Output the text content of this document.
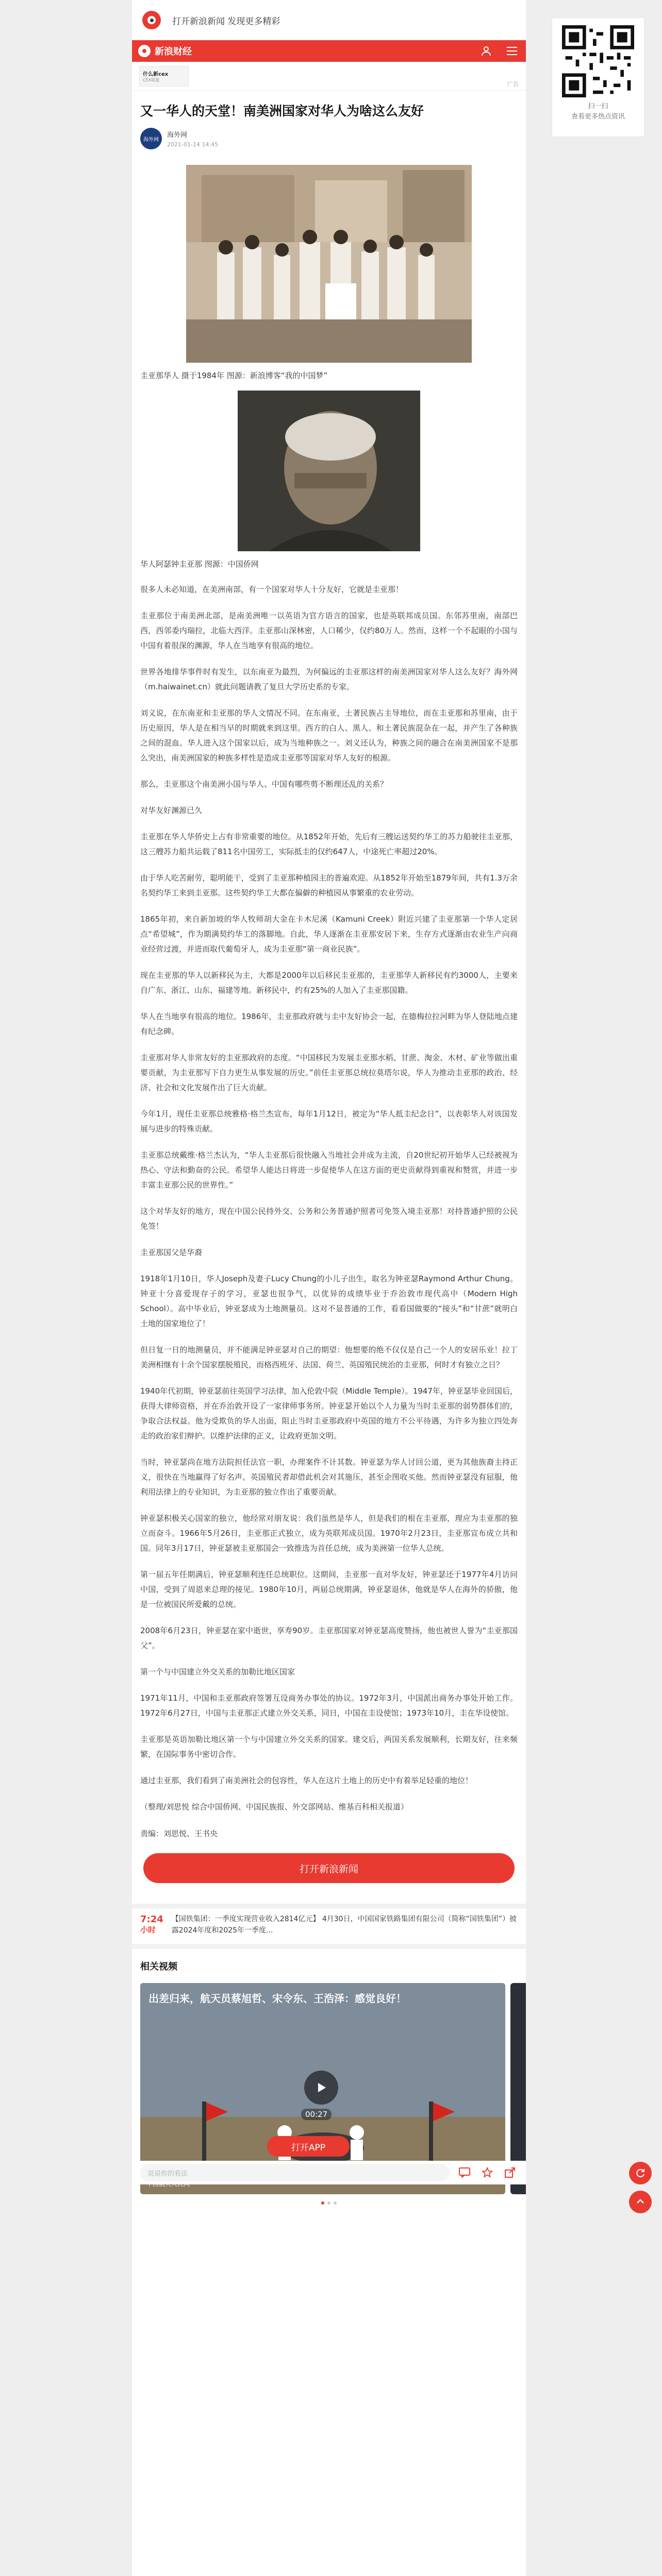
打开新浪新闻 发现更多精彩
扫一扫
查看更多热点资讯
新浪财经
什么新cex
CEX联盟
广告
又一华人的天堂！南美洲国家对华人为啥这么友好
海外网
海外网
2021-01-14 14:45

圭亚那华人 摄于1984年 图源：新浪博客“我的中国梦”

华人阿瑟钟圭亚那 图源：中国侨网

很多人未必知道，在美洲南部，有一个国家对华人十分友好，它就是圭亚那！

圭亚那位于南美洲北部，是南美洲唯一以英语为官方语言的国家，也是英联邦成员国。东邻苏里南，南部巴西，西邻委内瑞拉，北临大西洋。圭亚那山深林密，人口稀少，仅约80万人。然而，这样一个不起眼的小国与中国有着很深的渊源，华人在当地享有很高的地位。

世界各地排华事件时有发生，以东南亚为最烈，为何偏远的圭亚那这样的南美洲国家对华人这么友好？海外网（m.haiwainet.cn）就此问题请教了复旦大学历史系的专家。

刘义说，在东南亚和圭亚那的华人文情况不同。在东南亚，土著民族占主导地位，而在圭亚那和苏里南，由于历史原因，华人是在相当早的时期就来到这里。西方的白人、黑人、和土著民族混杂在一起，并产生了各种族之间的混血。华人进入这个国家以后，成为当地种族之一。刘义还认为，种族之间的融合在南美洲国家不是那么突出，南美洲国家的种族多样性是造成圭亚那等国家对华人友好的根源。

那么，圭亚那这个南美洲小国与华人、中国有哪些剪不断理还乱的关系？

对华友好渊源已久

圭亚那在华人华侨史上占有非常重要的地位。从1852年开始，先后有三艘运送契约华工的苏力船驶往圭亚那，这三艘苏力船共运载了811名中国劳工，实际抵圭的仅约647人，中途死亡率超过20%。

由于华人吃苦耐劳，聪明能干，受到了圭亚那种植园主的普遍欢迎。从1852年开始至1879年间，共有1.3万余名契约华工来到圭亚那。这些契约华工大都在偏僻的种植园从事繁重的农业劳动。

1865年初，来自新加坡的华人牧师胡大金在卡木尼溪（Kamuni Creek）附近兴建了圭亚那第一个华人定居点“希望城”，作为期满契约华工的落脚地。自此，华人逐渐在圭亚那安居下来，生存方式逐渐由农业生产向商业经营过渡，并进而取代葡萄牙人，成为圭亚那“第一商业民族”。

现在圭亚那的华人以新移民为主，大都是2000年以后移民圭亚那的，圭亚那华人新移民有约3000人，主要来自广东、浙江、山东、福建等地。新移民中，约有25%的人加入了圭亚那国籍。

华人在当地享有很高的地位。1986年，圭亚那政府就与圭中友好协会一起，在德梅拉拉河畔为华人登陆地点建有纪念碑。

圭亚那对华人非常友好的圭亚那政府的态度。“中国移民为发展圭亚那水稻、甘蔗、淘金、木材、矿业等做出重要贡献，为圭亚那写下自力更生从事发展的历史。”前任圭亚那总统拉莫塔尔说，华人为推动圭亚那的政治、经济、社会和文化发展作出了巨大贡献。

今年1月，现任圭亚那总统雅格·格兰杰宣布，每年1月12日，被定为“华人抵圭纪念日”，以表彰华人对该国发展与进步的特殊贡献。

圭亚那总统戴维·格兰杰认为，“华人圭亚那后很快融入当地社会并成为主流，自20世纪初开始华人已经被视为热心、守法和勤奋的公民。希望华人能达日将进一步促使华人在这方面的更史贡献得到重视和赞赏，并进一步丰富圭亚那公民的世界性。”

这个对华友好的地方，现在中国公民持外交、公务和公务普通护照者可免签入境圭亚那！对持普通护照的公民免签！

圭亚那国父是华裔

1918年1月10日，华人Joseph及妻子Lucy Chung的小儿子出生，取名为钟亚瑟Raymond Arthur Chung。钟亚十分喜爱现存子的学习，亚瑟也很争气，以优异的成绩毕业于乔治敦市现代高中（Modern High School）。高中毕业后，钟亚瑟成为土地测量员。这对不显普通的工作，看看国做要的“接头”和“甘蔗”就明白土地的国家地位了！

但日复一日的地测量员，并不能满足钟亚瑟对自己的期望：他想要的绝不仅仅是自己一个人的安居乐业！拉丁美洲相继有十余个国家摆脱殖民，而格西班牙、法国、荷兰、英国殖民统治的圭亚那，何时才有独立之日？

1940年代初期，钟亚瑟前往英国学习法律，加入伦敦中院（Middle Temple）。1947年，钟亚瑟毕业回国后，获得大律师资格，并在乔治敦开设了一家律师事务所。钟亚瑟开始以个人力量为当时圭亚那的弱势群体们的，争取合法权益。他为受欺负的华人出面，阻止当时圭亚那政府中英国的地方不公平待遇，为许多为独立四处奔走的政治家们辩护。以维护法律的正义，让政府更加文明。

当时，钟亚瑟尚在地方法院担任法官一职，办理案件不计其数。钟亚瑟为华人讨回公道，更为其他族裔主持正义，很快在当地赢得了好名声。英国殖民者却借此机会对其施压，甚至企图收买他。然而钟亚瑟没有屈服，他利用法律上的专业知识，为圭亚那的独立作出了重要贡献。

钟亚瑟积极关心国家的独立，他经常对朋友说：我们虽然是华人，但是我们的根在圭亚那，理应为圭亚那的独立而奋斗。1966年5月26日，圭亚那正式独立，成为英联邦成员国。1970年2月23日，圭亚那宣布成立共和国。同年3月17日，钟亚瑟被圭亚那国会一致推选为首任总统，成为美洲第一位华人总统。

第一届五年任期满后，钟亚瑟顺利连任总统职位。这期间，圭亚那一直对华友好，钟亚瑟还于1977年4月访问中国，受到了周恩来总理的接见。1980年10月，两届总统期满，钟亚瑟退休，他就是华人在海外的骄傲，他是一位被国民所爱戴的总统。

2008年6月23日，钟亚瑟在家中逝世，享寿90岁。圭亚那国家对钟亚瑟高度赞扬，他也被世人誉为“圭亚那国父”。

第一个与中国建立外交关系的加勒比地区国家

1971年11月，中国和圭亚那政府签署互设商务办事处的协议。1972年3月，中国派出商务办事处开始工作。1972年6月27日，中国与圭亚那正式建立外交关系，同日，中国在圭设使馆；1973年10月，圭在华设使馆。

圭亚那是英语加勒比地区第一个与中国建立外交关系的国家。建交后，两国关系发展顺利，长期友好，往来频繁，在国际事务中密切合作。

通过圭亚那，我们看到了南美洲社会的包容性，华人在这片土地上的历史中有着举足轻重的地位！

（整理/刘思悦 综合中国侨网、中国民族报、外交部网站、维基百科相关报道）

责编：刘思悦、王书央

打开新浪新闻
7:24
小时
【国铁集团：一季度实现营业收入2814亿元】 4月30日，中国国家铁路集团有限公司（简称“国铁集团”）披露2024年度和2025年一季度...
相关视频
出差归来，航天员蔡旭哲、宋令东、王浩泽：感觉良好！
00:27
打开APP
说说你的看法
